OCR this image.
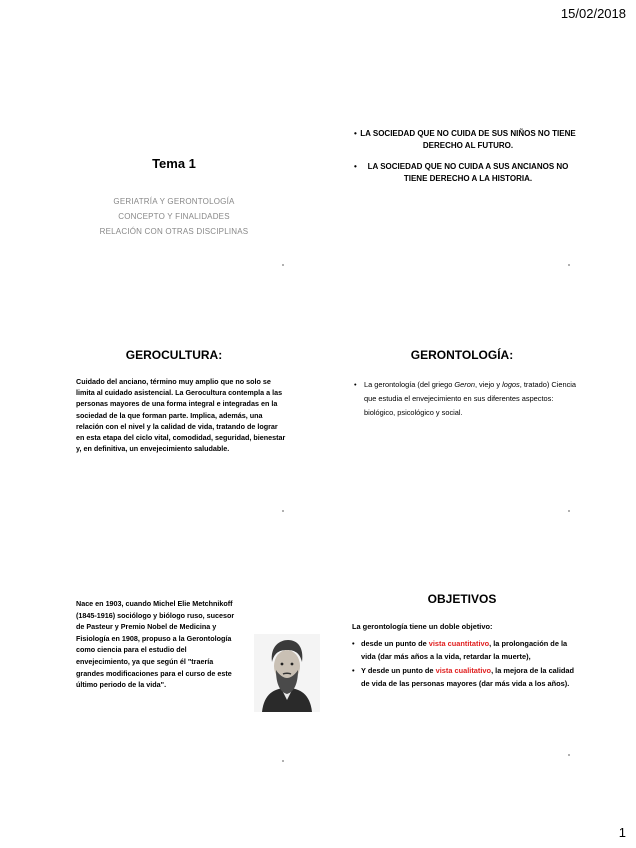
15/02/2018
Tema 1
GERIATRÍA Y GERONTOLOGÍA
CONCEPTO Y FINALIDADES
RELACIÓN CON OTRAS DISCIPLINAS
• LA SOCIEDAD QUE NO CUIDA DE SUS NIÑOS NO TIENE DERECHO AL FUTURO.
• LA SOCIEDAD QUE NO CUIDA A SUS ANCIANOS NO TIENE DERECHO A LA HISTORIA.
GEROCULTURA:
Cuidado del anciano, término muy amplio que no solo se limita al cuidado asistencial. La Gerocultura contempla a las personas mayores de una forma integral e integradas en la sociedad de la que forman parte. Implica, además, una relación con el nivel y la calidad de vida, tratando de lograr en esta etapa del ciclo vital, comodidad, seguridad, bienestar y, en definitiva, un envejecimiento saludable.
GERONTOLOGÍA:
• La gerontología (del griego Geron, viejo y logos, tratado) Ciencia que estudia el envejecimiento en sus diferentes aspectos: biológico, psicológico y social.
Nace en 1903, cuando Michel Elie Metchnikoff (1845-1916) sociólogo y biólogo ruso, sucesor de Pasteur y Premio Nobel de Medicina y Fisiología en 1908, propuso a la Gerontología como ciencia para el estudio del envejecimiento, ya que según él "traería grandes modificaciones para el curso de este último periodo de la vida".
OBJETIVOS
La gerontología tiene un doble objetivo:
• desde un punto de vista cuantitativo, la prolongación de la vida (dar más años a la vida, retardar la muerte),
• Y desde un punto de vista cualitativo, la mejora de la calidad de vida de las personas mayores (dar más vida a los años).
1
